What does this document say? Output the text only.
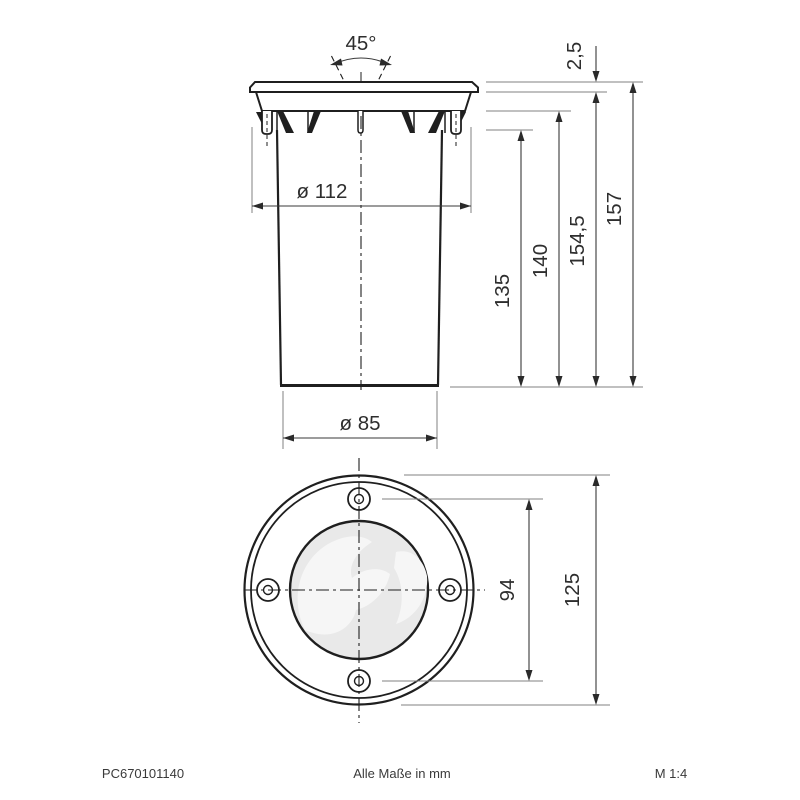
45°
ø 112
ø 85
2,5
135
140 154,5
157
94 125
PC670101140	Alle Maße in mm	M 1:4
